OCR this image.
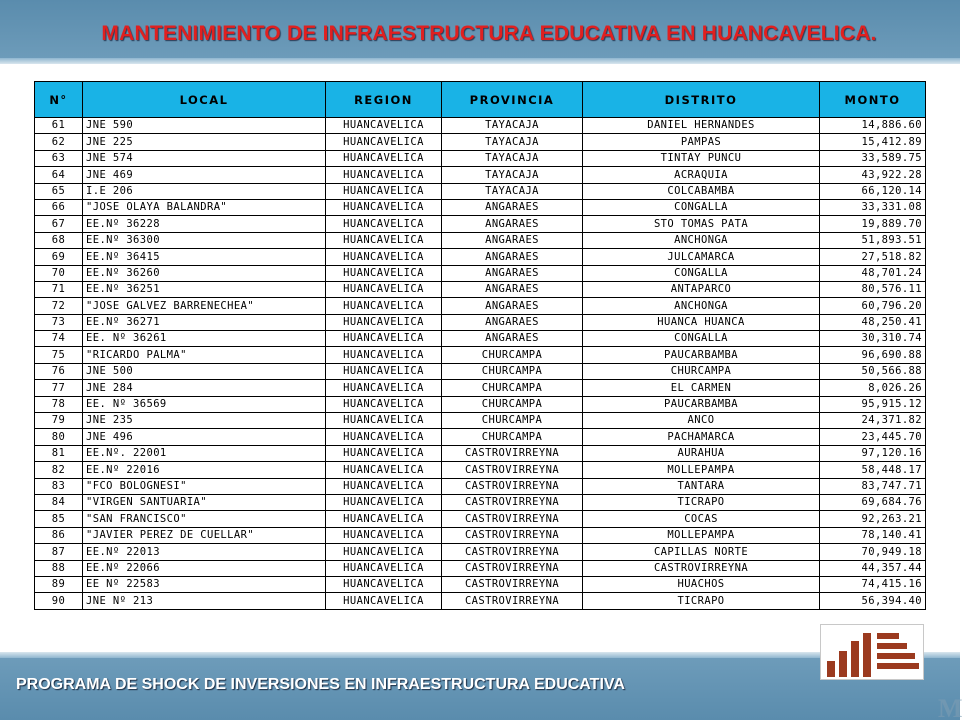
MANTENIMIENTO DE INFRAESTRUCTURA EDUCATIVA EN HUANCAVELICA.
N°	LOCAL	REGION	PROVINCIA	DISTRITO	MONTO
61	JNE 590	HUANCAVELICA	TAYACAJA	DANIEL HERNANDES	14,886.60
62	JNE 225	HUANCAVELICA	TAYACAJA	PAMPAS	15,412.89
63	JNE 574	HUANCAVELICA	TAYACAJA	TINTAY PUNCU	33,589.75
64	JNE 469	HUANCAVELICA	TAYACAJA	ACRAQUIA	43,922.28
65	I.E 206	HUANCAVELICA	TAYACAJA	COLCABAMBA	66,120.14
66	"JOSE OLAYA BALANDRA"	HUANCAVELICA	ANGARAES	CONGALLA	33,331.08
67	EE.Nº 36228	HUANCAVELICA	ANGARAES	STO TOMAS PATA	19,889.70
68	EE.Nº 36300	HUANCAVELICA	ANGARAES	ANCHONGA	51,893.51
69	EE.Nº 36415	HUANCAVELICA	ANGARAES	JULCAMARCA	27,518.82
70	EE.Nº 36260	HUANCAVELICA	ANGARAES	CONGALLA	48,701.24
71	EE.Nº 36251	HUANCAVELICA	ANGARAES	ANTAPARCO	80,576.11
72	"JOSE GALVEZ BARRENECHEA"	HUANCAVELICA	ANGARAES	ANCHONGA	60,796.20
73	EE.Nº 36271	HUANCAVELICA	ANGARAES	HUANCA HUANCA	48,250.41
74	EE. Nº 36261	HUANCAVELICA	ANGARAES	CONGALLA	30,310.74
75	"RICARDO PALMA"	HUANCAVELICA	CHURCAMPA	PAUCARBAMBA	96,690.88
76	JNE 500	HUANCAVELICA	CHURCAMPA	CHURCAMPA	50,566.88
77	JNE 284	HUANCAVELICA	CHURCAMPA	EL CARMEN	8,026.26
78	EE. Nº 36569	HUANCAVELICA	CHURCAMPA	PAUCARBAMBA	95,915.12
79	JNE 235	HUANCAVELICA	CHURCAMPA	ANCO	24,371.82
80	JNE 496	HUANCAVELICA	CHURCAMPA	PACHAMARCA	23,445.70
81	EE.Nº. 22001	HUANCAVELICA	CASTROVIRREYNA	AURAHUA	97,120.16
82	EE.Nº 22016	HUANCAVELICA	CASTROVIRREYNA	MOLLEPAMPA	58,448.17
83	"FCO BOLOGNESI"	HUANCAVELICA	CASTROVIRREYNA	TANTARA	83,747.71
84	"VIRGEN SANTUARIA"	HUANCAVELICA	CASTROVIRREYNA	TICRAPO	69,684.76
85	"SAN FRANCISCO"	HUANCAVELICA	CASTROVIRREYNA	COCAS	92,263.21
86	"JAVIER PEREZ DE CUELLAR"	HUANCAVELICA	CASTROVIRREYNA	MOLLEPAMPA	78,140.41
87	EE.Nº 22013	HUANCAVELICA	CASTROVIRREYNA	CAPILLAS NORTE	70,949.18
88	EE.Nº 22066	HUANCAVELICA	CASTROVIRREYNA	CASTROVIRREYNA	44,357.44
89	EE Nº 22583	HUANCAVELICA	CASTROVIRREYNA	HUACHOS	74,415.16
90	JNE Nº 213	HUANCAVELICA	CASTROVIRREYNA	TICRAPO	56,394.40
PROGRAMA DE SHOCK DE INVERSIONES EN INFRAESTRUCTURA EDUCATIVA
M
